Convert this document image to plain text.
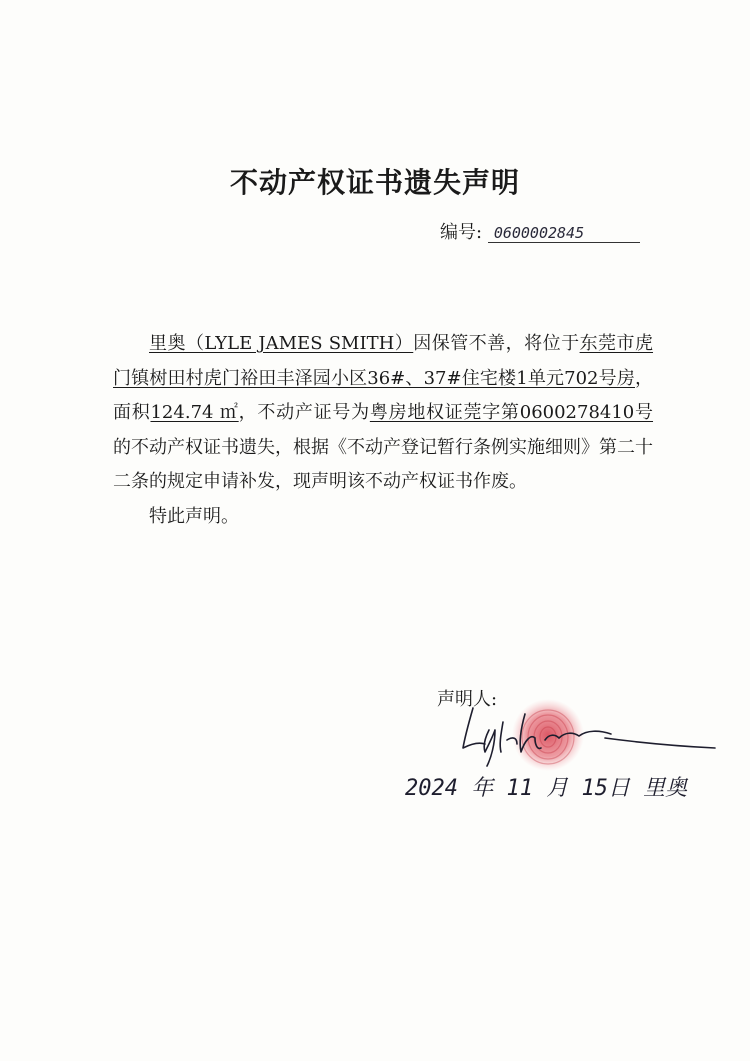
不动产权证书遗失声明
编号: 0600002845

里奥（LYLE JAMES SMITH）因保管不善，将位于东莞市虎门镇树田村虎门裕田丰泽园小区36#、37#住宅楼1单元702号房，面积124.74 ㎡，不动产证号为粤房地权证莞字第0600278410号的不动产权证书遗失，根据《不动产登记暂行条例实施细则》第二十二条的规定申请补发，现声明该不动产权证书作废。

特此声明。

声明人:
2024 年 11 月 15日 里奥
